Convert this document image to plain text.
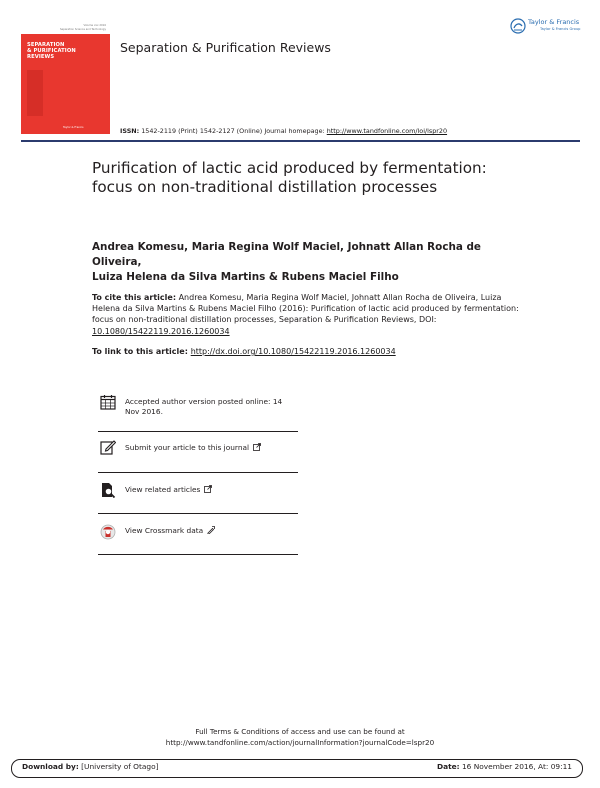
Volume xxx 2016
Separation Science and Technology
SEPARATION
& PURIFICATION
REVIEWS
Taylor & Francis
Separation & Purification Reviews
Taylor & Francis
Taylor & Francis Group
ISSN: 1542-2119 (Print) 1542-2127 (Online) Journal homepage: http://www.tandfonline.com/loi/lspr20
Purification of lactic acid produced by fermentation: focus on non-traditional distillation processes
Andrea Komesu, Maria Regina Wolf Maciel, Johnatt Allan Rocha de Oliveira,
Luiza Helena da Silva Martins & Rubens Maciel Filho
To cite this article: Andrea Komesu, Maria Regina Wolf Maciel, Johnatt Allan Rocha de Oliveira, Luiza Helena da Silva Martins & Rubens Maciel Filho (2016): Purification of lactic acid produced by fermentation: focus on non-traditional distillation processes, Separation & Purification Reviews, DOI: 10.1080/15422119.2016.1260034
To link to this article: http://dx.doi.org/10.1080/15422119.2016.1260034
Accepted author version posted online: 14 Nov 2016.
Submit your article to this journal
View related articles
View Crossmark data
Full Terms & Conditions of access and use can be found at
http://www.tandfonline.com/action/journalInformation?journalCode=lspr20
Download by: [University of Otago]	Date: 16 November 2016, At: 09:11
